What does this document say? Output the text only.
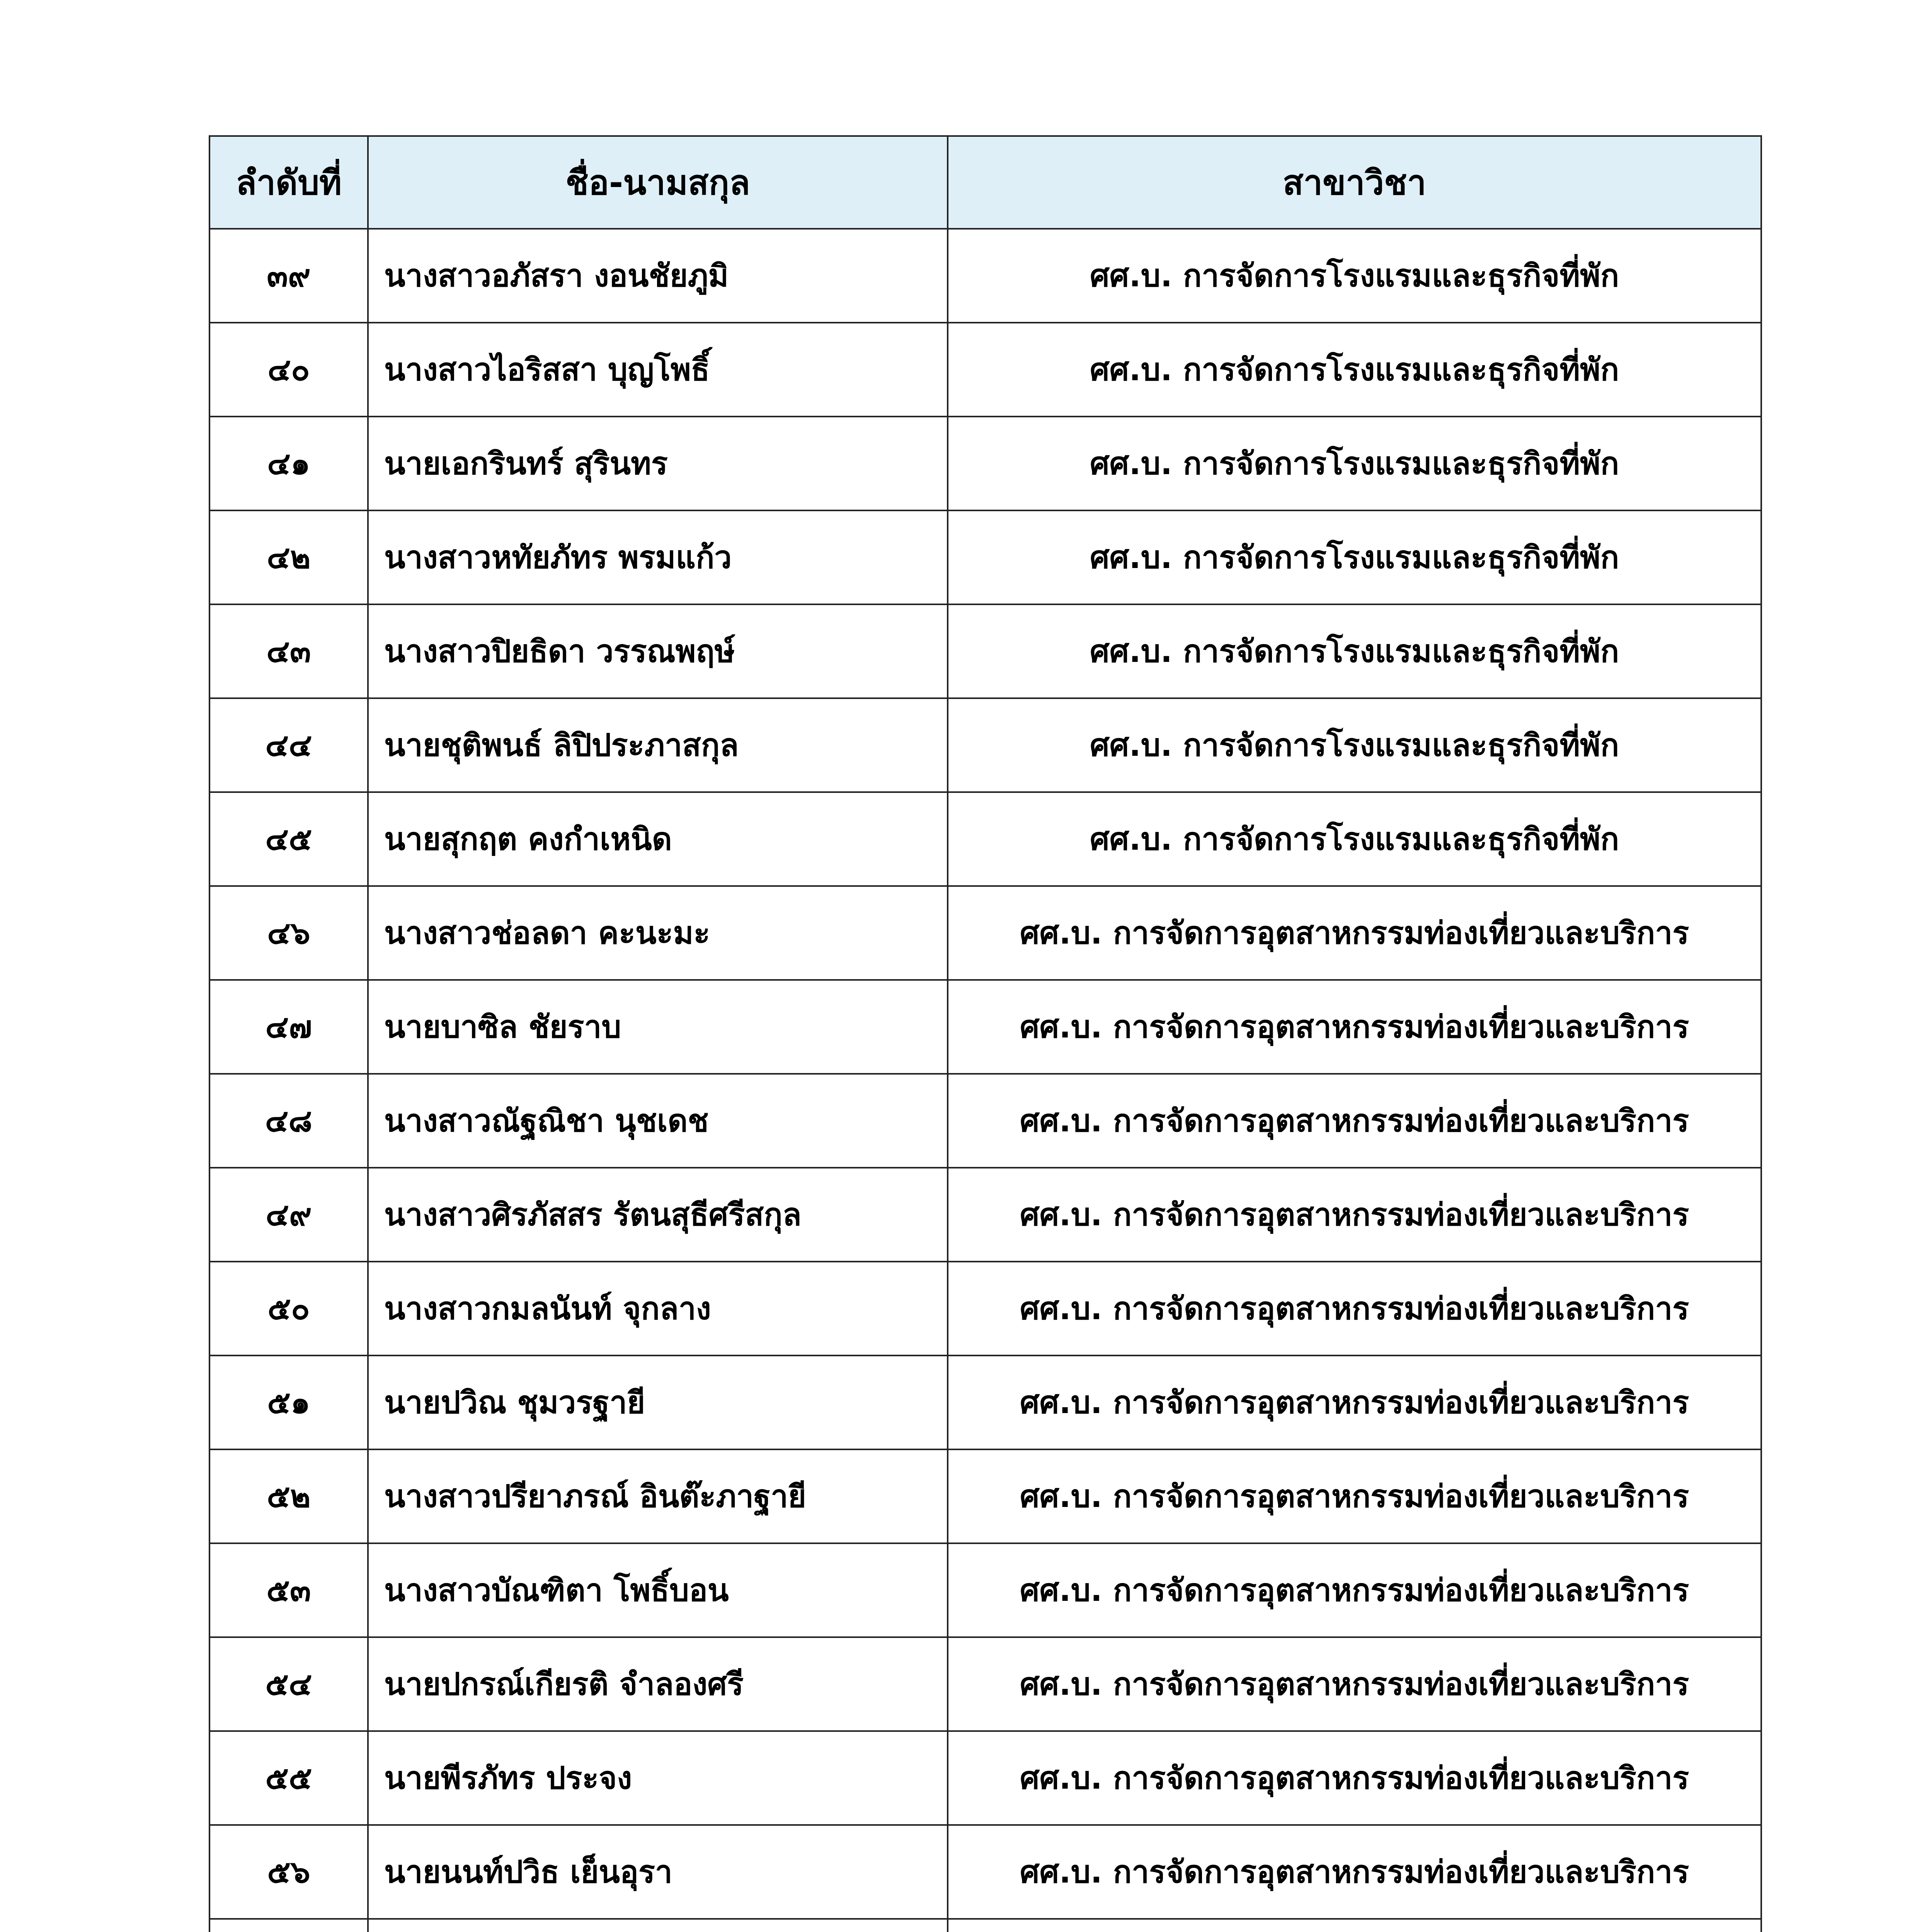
ลำดับที่	ชื่อ-นามสกุล	สาขาวิชา
๓๙	นางสาวอภัสรา งอนชัยภูมิ	ศศ.บ. การจัดการโรงแรมและธุรกิจที่พัก
๔๐	นางสาวไอริสสา บุญโพธิ์	ศศ.บ. การจัดการโรงแรมและธุรกิจที่พัก
๔๑	นายเอกรินทร์ สุรินทร	ศศ.บ. การจัดการโรงแรมและธุรกิจที่พัก
๔๒	นางสาวหทัยภัทร พรมแก้ว	ศศ.บ. การจัดการโรงแรมและธุรกิจที่พัก
๔๓	นางสาวปิยธิดา วรรณพฤษ์	ศศ.บ. การจัดการโรงแรมและธุรกิจที่พัก
๔๔	นายชุติพนธ์ ลิปิประภาสกุล	ศศ.บ. การจัดการโรงแรมและธุรกิจที่พัก
๔๕	นายสุกฤต คงกำเหนิด	ศศ.บ. การจัดการโรงแรมและธุรกิจที่พัก
๔๖	นางสาวช่อลดา คะนะมะ	ศศ.บ. การจัดการอุตสาหกรรมท่องเที่ยวและบริการ
๔๗	นายบาซิล ชัยราบ	ศศ.บ. การจัดการอุตสาหกรรมท่องเที่ยวและบริการ
๔๘	นางสาวณัฐณิชา นุชเดช	ศศ.บ. การจัดการอุตสาหกรรมท่องเที่ยวและบริการ
๔๙	นางสาวศิรภัสสร รัตนสุธีศรีสกุล	ศศ.บ. การจัดการอุตสาหกรรมท่องเที่ยวและบริการ
๕๐	นางสาวกมลนันท์ จุกลาง	ศศ.บ. การจัดการอุตสาหกรรมท่องเที่ยวและบริการ
๕๑	นายปวิณ ชุมวรฐายี	ศศ.บ. การจัดการอุตสาหกรรมท่องเที่ยวและบริการ
๕๒	นางสาวปรียาภรณ์ อินต๊ะภาฐายี	ศศ.บ. การจัดการอุตสาหกรรมท่องเที่ยวและบริการ
๕๓	นางสาวบัณฑิตา โพธิ์บอน	ศศ.บ. การจัดการอุตสาหกรรมท่องเที่ยวและบริการ
๕๔	นายปกรณ์เกียรติ จำลองศรี	ศศ.บ. การจัดการอุตสาหกรรมท่องเที่ยวและบริการ
๕๕	นายพีรภัทร ประจง	ศศ.บ. การจัดการอุตสาหกรรมท่องเที่ยวและบริการ
๕๖	นายนนท์ปวิธ เย็นอุรา	ศศ.บ. การจัดการอุตสาหกรรมท่องเที่ยวและบริการ
